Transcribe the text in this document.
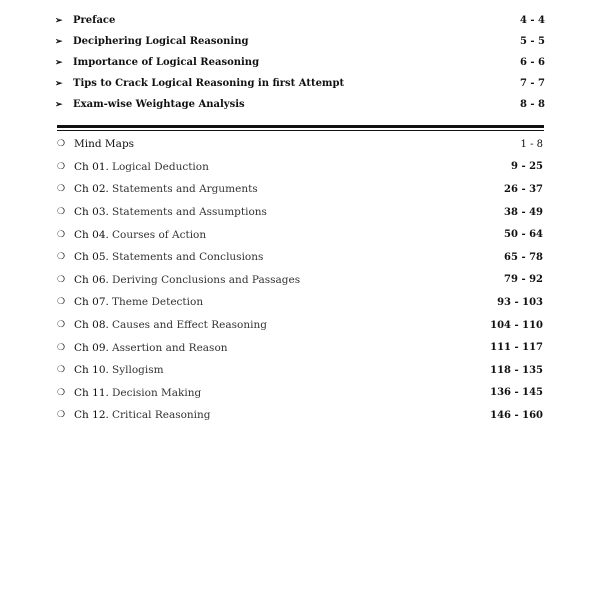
➢	Preface	4 - 4
➢	Deciphering Logical Reasoning	5 - 5
➢	Importance of Logical Reasoning	6 - 6
➢	Tips to Crack Logical Reasoning in first Attempt	7 - 7
➢	Exam-wise Weightage Analysis	8 - 8
❍ Mind Maps	1 - 8
❍ Ch 01. Logical Deduction	9 - 25
❍ Ch 02. Statements and Arguments	26 - 37
❍ Ch 03. Statements and Assumptions	38 - 49
❍ Ch 04. Courses of Action	50 - 64
❍ Ch 05. Statements and Conclusions	65 - 78
❍ Ch 06. Deriving Conclusions and Passages	79 - 92
❍ Ch 07. Theme Detection	93 - 103
❍ Ch 08. Causes and Effect Reasoning	104 - 110
❍ Ch 09. Assertion and Reason	111 - 117
❍ Ch 10. Syllogism	118 - 135
❍ Ch 11. Decision Making	136 - 145
❍ Ch 12. Critical Reasoning	146 - 160
